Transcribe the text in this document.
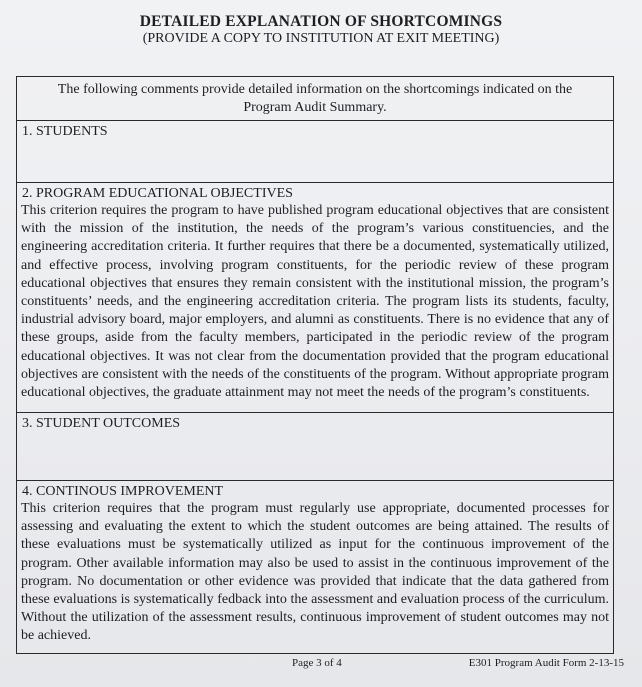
DETAILED EXPLANATION OF SHORTCOMINGS
(PROVIDE A COPY TO INSTITUTION AT EXIT MEETING)
The following comments provide detailed information on the shortcomings indicated on the Program Audit Summary.
1. STUDENTS
2. PROGRAM EDUCATIONAL OBJECTIVES
This criterion requires the program to have published program educational objectives that are consistent with the mission of the institution, the needs of the program’s various constituencies, and the engineering accreditation criteria. It further requires that there be a documented, systematically utilized, and effective process, involving program constituents, for the periodic review of these program educational objectives that ensures they remain consistent with the institutional mission, the program’s constituents’ needs, and the engineering accreditation criteria. The program lists its students, faculty, industrial advisory board, major employers, and alumni as constituents. There is no evidence that any of these groups, aside from the faculty members, participated in the periodic review of the program educational objectives. It was not clear from the documentation provided that the program educational objectives are consistent with the needs of the constituents of the program. Without appropriate program educational objectives, the graduate attainment may not meet the needs of the program’s constituents.
3. STUDENT OUTCOMES
4. CONTINOUS IMPROVEMENT
This criterion requires that the program must regularly use appropriate, documented processes for assessing and evaluating the extent to which the student outcomes are being attained. The results of these evaluations must be systematically utilized as input for the continuous improvement of the program. Other available information may also be used to assist in the continuous improvement of the program. No documentation or other evidence was provided that indicate that the data gathered from these evaluations is systematically fedback into the assessment and evaluation process of the curriculum. Without the utilization of the assessment results, continuous improvement of student outcomes may not be achieved.
Page 3 of 4	E301 Program Audit Form 2-13-15
